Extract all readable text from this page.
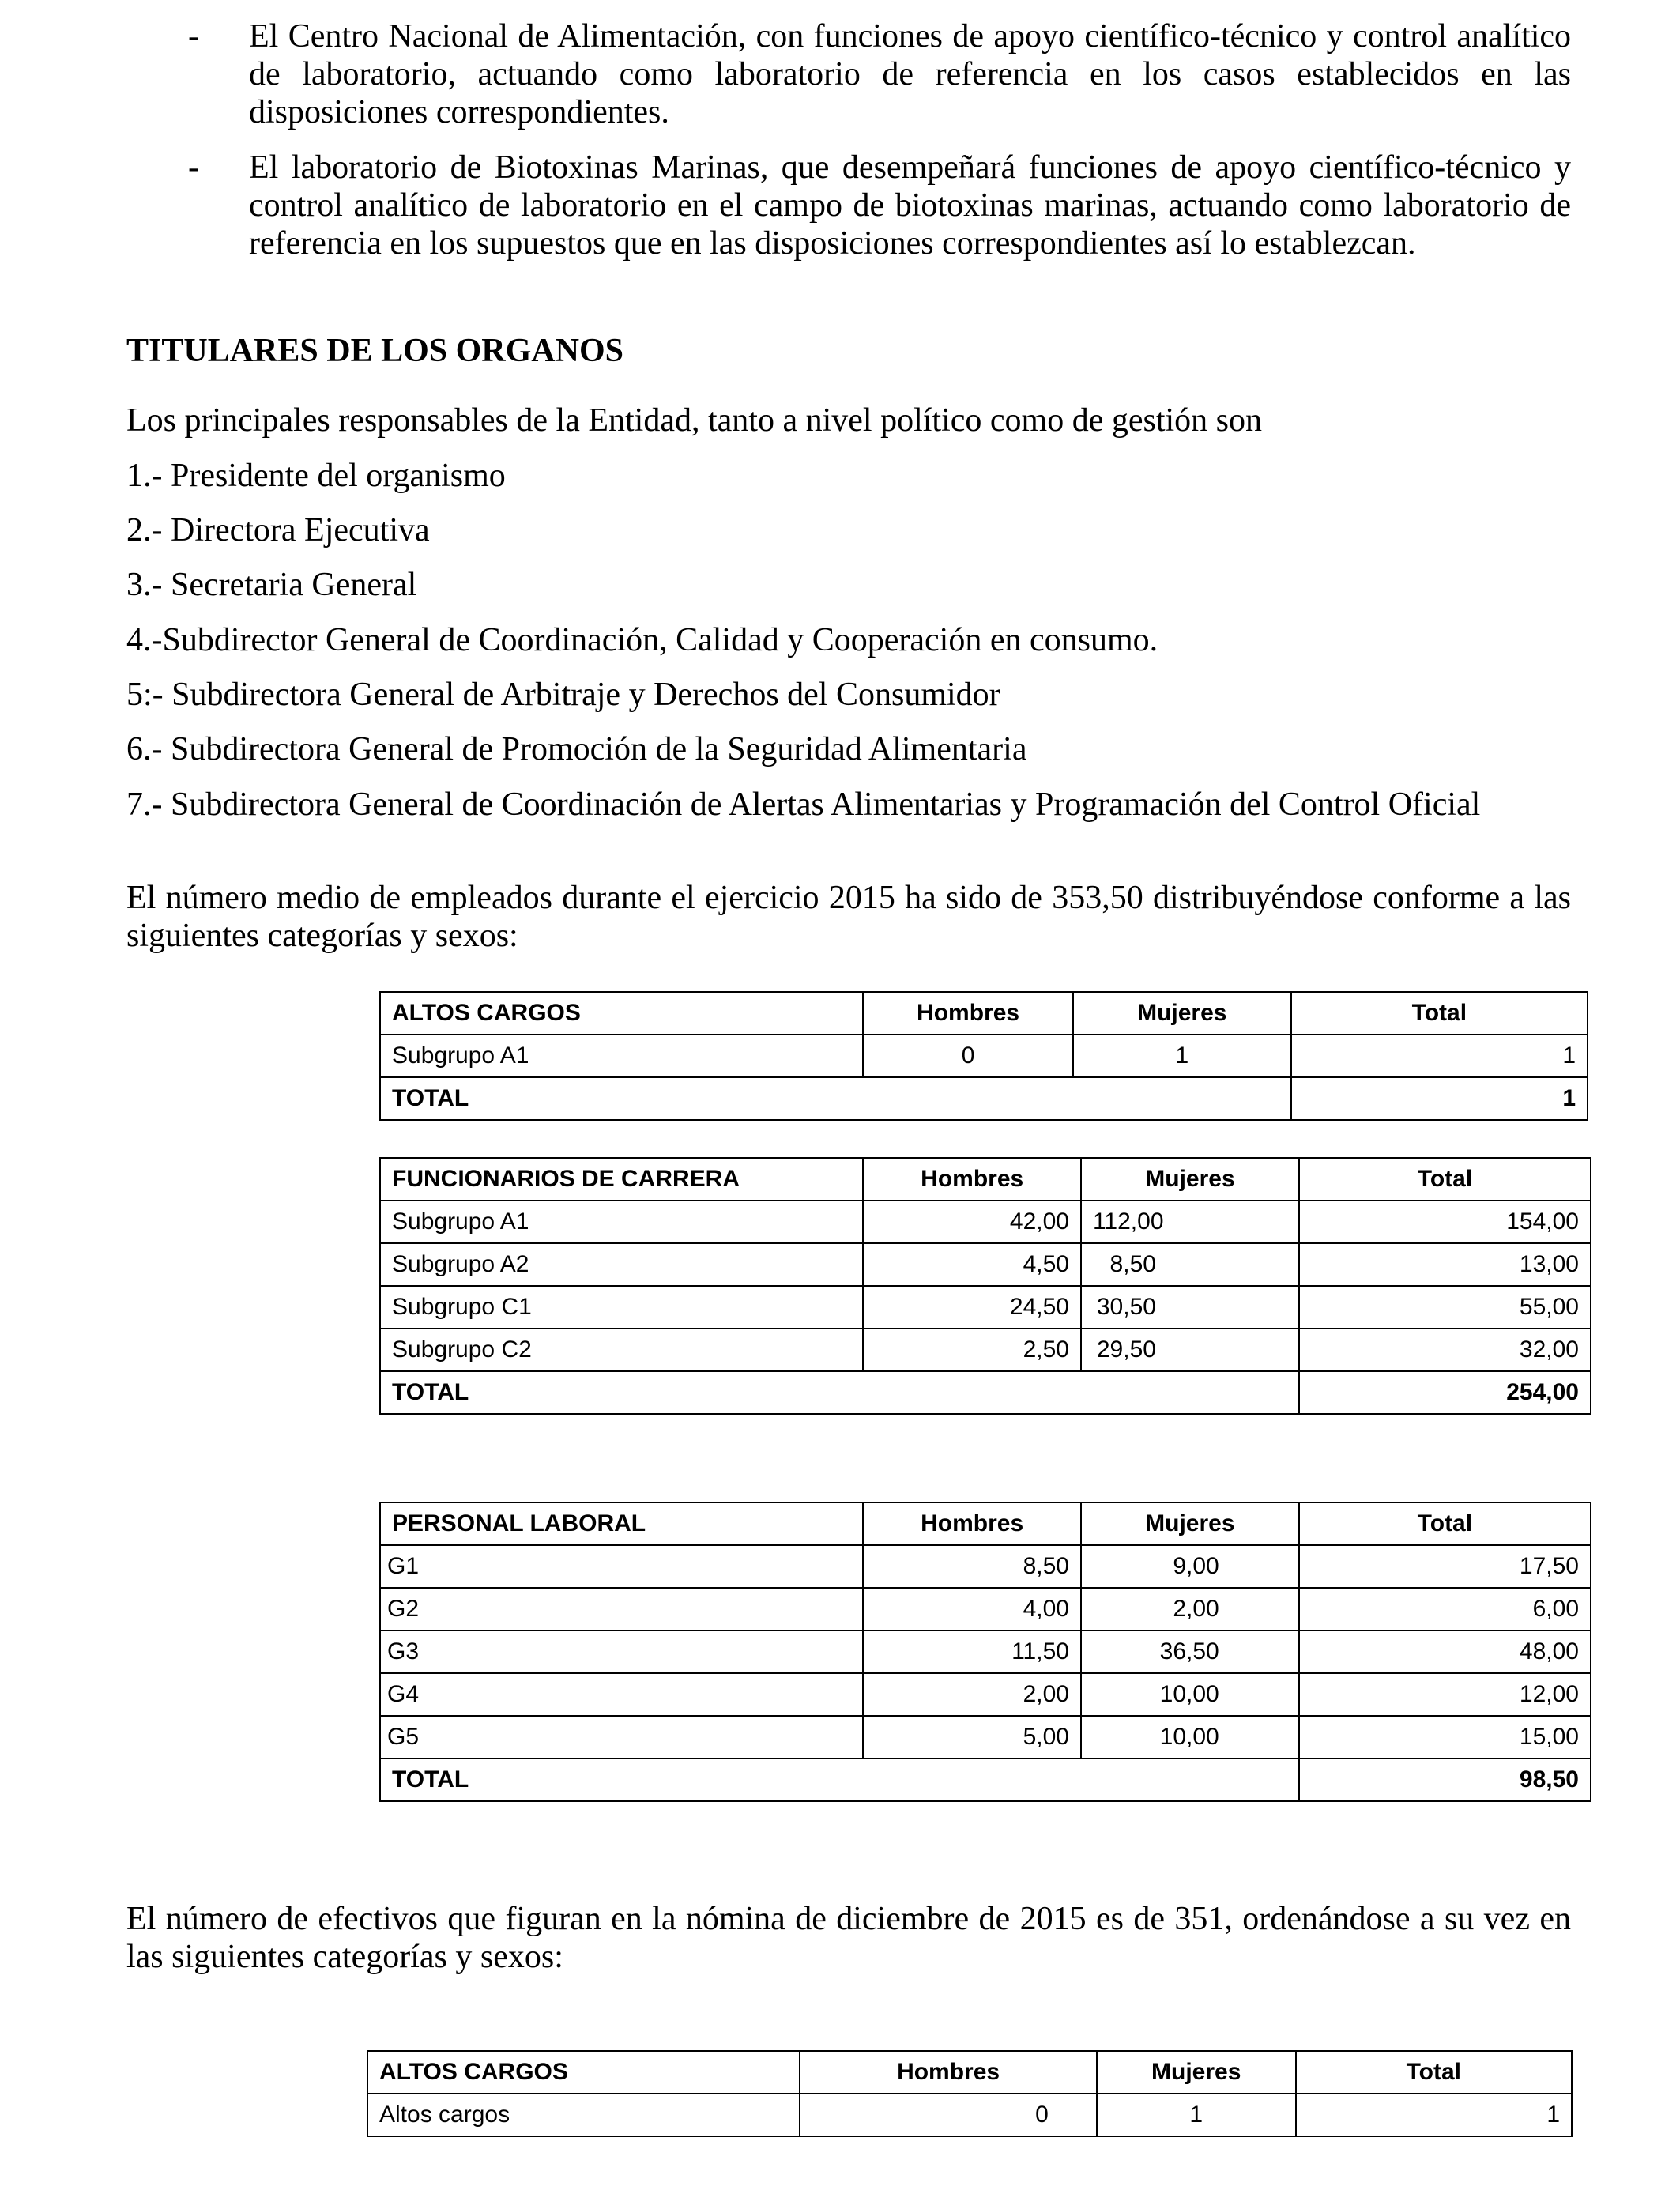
- El Centro Nacional de Alimentación, con funciones de apoyo científico-técnico y control analítico de laboratorio, actuando como laboratorio de referencia en los casos establecidos en las disposiciones correspondientes.
- El laboratorio de Biotoxinas Marinas, que desempeñará funciones de apoyo científico-técnico y control analítico de laboratorio en el campo de biotoxinas marinas, actuando como laboratorio de referencia en los supuestos que en las disposiciones correspondientes así lo establezcan.
TITULARES DE LOS ORGANOS
Los principales responsables de la Entidad, tanto a nivel político como de gestión son
1.- Presidente del organismo
2.- Directora Ejecutiva
3.- Secretaria General
4.-Subdirector General de Coordinación, Calidad y Cooperación en consumo.
5:- Subdirectora General de Arbitraje y Derechos del Consumidor
6.- Subdirectora General de Promoción de la Seguridad Alimentaria
7.- Subdirectora General de Coordinación de Alertas Alimentarias y Programación del Control Oficial
El número medio de empleados durante el ejercicio 2015 ha sido de 353,50 distribuyéndose conforme a las siguientes categorías y sexos:
ALTOS CARGOS	Hombres	Mujeres	Total
Subgrupo A1	0	1	1
TOTAL			1
FUNCIONARIOS DE CARRERA	Hombres	Mujeres	Total
Subgrupo A1	42,00	112,00	154,00
Subgrupo A2	4,50	8,50	13,00
Subgrupo C1	24,50	30,50	55,00
Subgrupo C2	2,50	29,50	32,00
TOTAL			254,00
PERSONAL LABORAL	Hombres	Mujeres	Total
G1	8,50	9,00	17,50
G2	4,00	2,00	6,00
G3	11,50	36,50	48,00
G4	2,00	10,00	12,00
G5	5,00	10,00	15,00
TOTAL			98,50
El número de efectivos que figuran en la nómina de diciembre de 2015 es de 351, ordenándose a su vez en las siguientes categorías y sexos:
ALTOS CARGOS	Hombres	Mujeres	Total
Altos cargos	0	1	1
